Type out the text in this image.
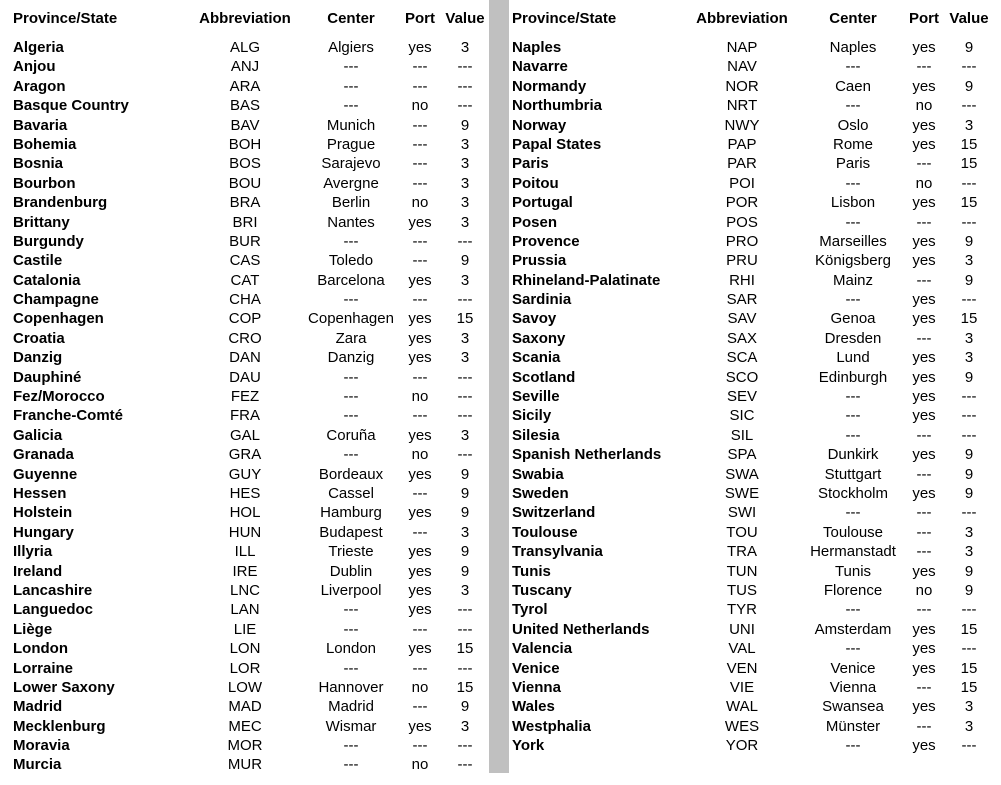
Province/State	Abbreviation Center Port Value
Algeria	ALG	Algiers yes 3
Anjou	ANJ	---	--- ---
Aragon	ARA	---	--- ---
Basque Country	BAS	---	no ---
Bavaria	BAV	Munich --- 9
Bohemia	BOH	Prague --- 3
Bosnia	BOS	Sarajevo --- 3
Bourbon	BOU	Avergne --- 3
Brandenburg	BRA	Berlin	no 3
Brittany	BRI	Nantes yes 3
Burgundy	BUR	---	--- ---
Castile	CAS	Toledo	--- 9
Catalonia	CAT	Barcelona yes 3
Champagne	CHA	---	--- ---
Copenhagen	COP	Copenhagen yes 15
Croatia	CRO	Zara	yes 3
Danzig	DAN	Danzig yes 3
Dauphiné	DAU	---	--- ---
Fez/Morocco	FEZ	---	no ---
Franche-Comté	FRA	---	--- ---
Galicia	GAL	Coruña yes 3
Granada	GRA	---	no ---
Guyenne	GUY	Bordeaux yes 9
Hessen	HES	Cassel	--- 9
Holstein	HOL	Hamburg yes 9
Hungary	HUN	Budapest --- 3
Illyria	ILL	Trieste yes 9
Ireland	IRE	Dublin yes 9
Lancashire	LNC	Liverpool yes 3
Languedoc	LAN	---	yes ---
Liège	LIE	---	--- ---
London	LON	London yes 15
Lorraine	LOR	---	--- ---
Lower Saxony	LOW	Hannover no 15
Madrid	MAD	Madrid	--- 9
Mecklenburg	MEC	Wismar yes 3
Moravia	MOR	---	--- ---
Murcia	MUR	---	no ---
Province/State	Abbreviation	Center Port Value
Naples	NAP	Naples yes 9
Navarre	NAV	---	--- ---
Normandy	NOR	Caen	yes 9
Northumbria	NRT	---	no ---
Norway	NWY	Oslo	yes 3
Papal States	PAP	Rome	yes 15
Paris	PAR	Paris	--- 15
Poitou	POI	---	no ---
Portugal	POR	Lisbon yes 15
Posen	POS	---	--- ---
Provence	PRO	Marseilles yes 9
Prussia	PRU	Königsberg yes 3
Rhineland-Palatinate	RHI	Mainz	--- 9
Sardinia	SAR	---	yes ---
Savoy	SAV	Genoa yes 15
Saxony	SAX	Dresden --- 3
Scania	SCA	Lund	yes 3
Scotland	SCO	Edinburgh yes 9
Seville	SEV	---	yes ---
Sicily	SIC	---	yes ---
Silesia	SIL	---	--- ---
Spanish Netherlands	SPA	Dunkirk yes 9
Swabia	SWA	Stuttgart --- 9
Sweden	SWE	Stockholm yes 9
Switzerland	SWI	---	--- ---
Toulouse	TOU	Toulouse --- 3
Transylvania	TRA	Hermanstadt --- 3
Tunis	TUN	Tunis	yes 9
Tuscany	TUS	Florence no 9
Tyrol	TYR	---	--- ---
United Netherlands	UNI	Amsterdam yes 15
Valencia	VAL	---	yes ---
Venice	VEN	Venice yes 15
Vienna	VIE	Vienna	--- 15
Wales	WAL	Swansea yes 3
Westphalia	WES	Münster --- 3
York	YOR	---	yes ---
